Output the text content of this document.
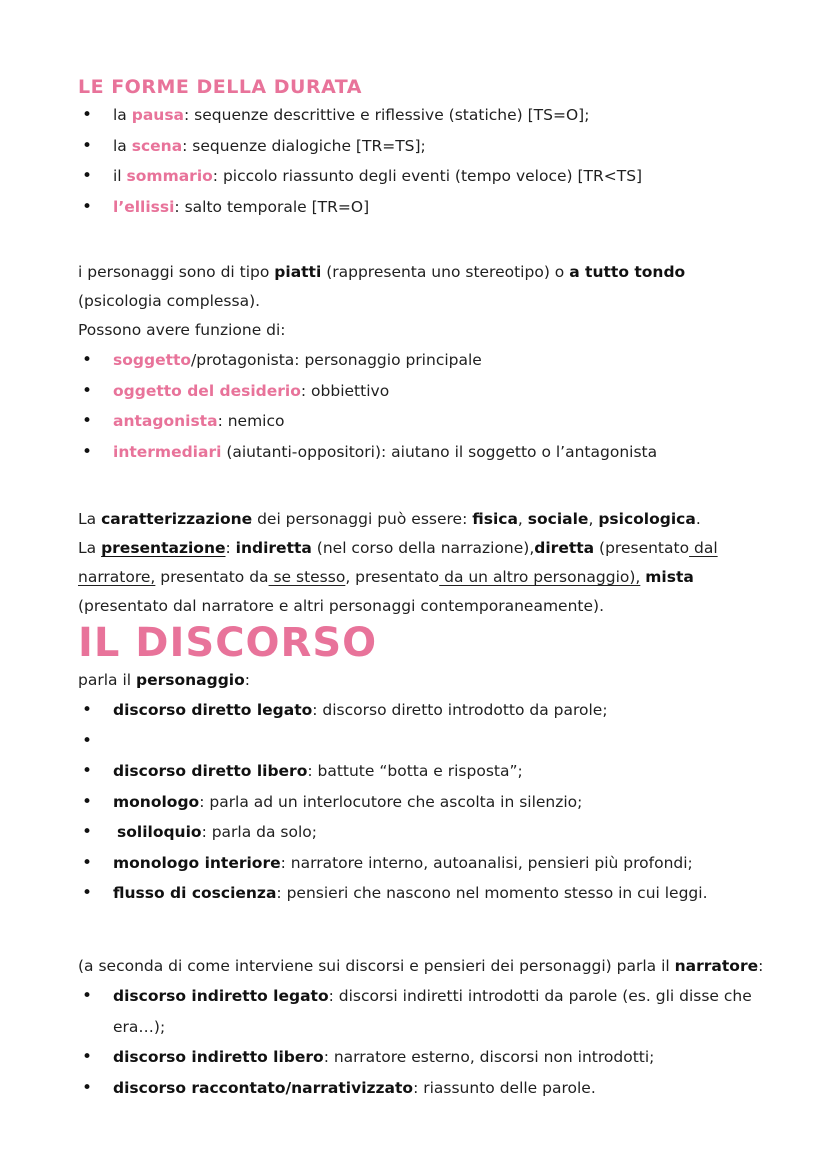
LE FORME DELLA DURATA
• la pausa: sequenze descrittive e riflessive (statiche) [TS=O];
• la scena: sequenze dialogiche [TR=TS];
• il sommario: piccolo riassunto degli eventi (tempo veloce) [TR<TS]
• l’ellissi: salto temporale [TR=O]

i personaggi sono di tipo piatti (rappresenta uno stereotipo) o a tutto tondo (psicologia complessa).

Possono avere funzione di:

• soggetto/protagonista: personaggio principale
• oggetto del desiderio: obbiettivo
• antagonista: nemico
• intermediari (aiutanti-oppositori): aiutano il soggetto o l’antagonista

La caratterizzazione dei personaggi può essere: fisica, sociale, psicologica.

La presentazione: indiretta (nel corso della narrazione),diretta (presentato dal narratore, presentato da se stesso, presentato da un altro personaggio), mista (presentato dal narratore e altri personaggi contemporaneamente).

IL DISCORSO

parla il personaggio:

• discorso diretto legato: discorso diretto introdotto da parole;
•
• discorso diretto libero: battute “botta e risposta”;
• monologo: parla ad un interlocutore che ascolta in silenzio;
• soliloquio: parla da solo;
• monologo interiore: narratore interno, autoanalisi, pensieri più profondi;
• flusso di coscienza: pensieri che nascono nel momento stesso in cui leggi.

(a seconda di come interviene sui discorsi e pensieri dei personaggi) parla il narratore:

• discorso indiretto legato: discorsi indiretti introdotti da parole (es. gli disse che era…);
• discorso indiretto libero: narratore esterno, discorsi non introdotti;
• discorso raccontato/narrativizzato: riassunto delle parole.
